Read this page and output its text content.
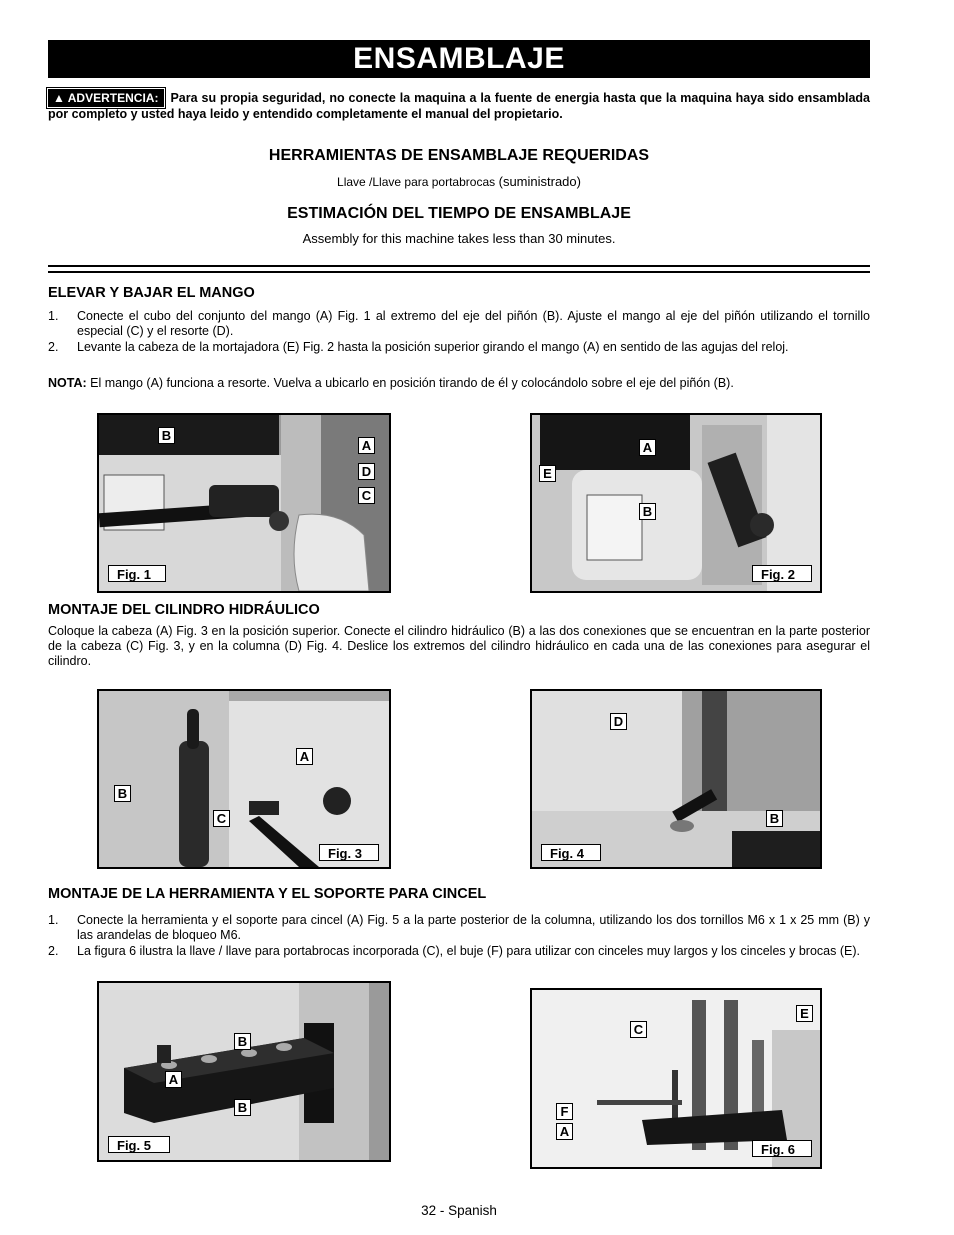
ENSAMBLAJE
▲ ADVERTENCIA: Para su propia seguridad, no conecte la maquina a la fuente de energia hasta que la maquina haya sido ensamblada por completo y usted haya leido y entendido completamente el manual del propietario.
HERRAMIENTAS DE ENSAMBLAJE REQUERIDAS
Llave /Llave para portabrocas (suministrado)
ESTIMACIÓN DEL TIEMPO DE ENSAMBLAJE
Assembly for this machine takes less than 30 minutes.
ELEVAR Y BAJAR EL MANGO
1. Conecte el cubo del conjunto del mango (A) Fig. 1 al extremo del eje del piñón (B). Ajuste el mango al eje del piñón utilizando el tornillo especial (C) y el resorte (D).
2. Levante la cabeza de la mortajadora (E) Fig. 2 hasta la posición superior girando el mango (A) en sentido de las agujas del reloj.
NOTA: El mango (A) funciona a resorte. Vuelva a ubicarlo en posición tirando de él y colocándolo sobre el eje del piñón (B).
B
A
D
C
Fig. 1
A
E
B
Fig. 2
MONTAJE DEL CILINDRO HIDRÁULICO
Coloque la cabeza (A) Fig. 3 en la posición superior. Conecte el cilindro hidráulico (B) a las dos conexiones que se encuentran en la parte posterior de la cabeza (C) Fig. 3, y en la columna (D) Fig. 4. Deslice los extremos del cilindro hidráulico en cada una de las conexiones para asegurar el cilindro.
A
B
C
Fig. 3
D
B
Fig. 4
MONTAJE DE LA HERRAMIENTA Y EL SOPORTE PARA CINCEL
1. Conecte la herramienta y el soporte para cincel (A) Fig. 5 a la parte posterior de la columna, utilizando los dos tornillos M6 x 1 x 25 mm (B) y las arandelas de bloqueo M6.
2. La figura 6 ilustra la llave / llave para portabrocas incorporada (C), el buje (F) para utilizar con cinceles muy largos y los cinceles y brocas (E).
B
A
B
Fig. 5
C
E
F
A
Fig. 6
32 - Spanish
